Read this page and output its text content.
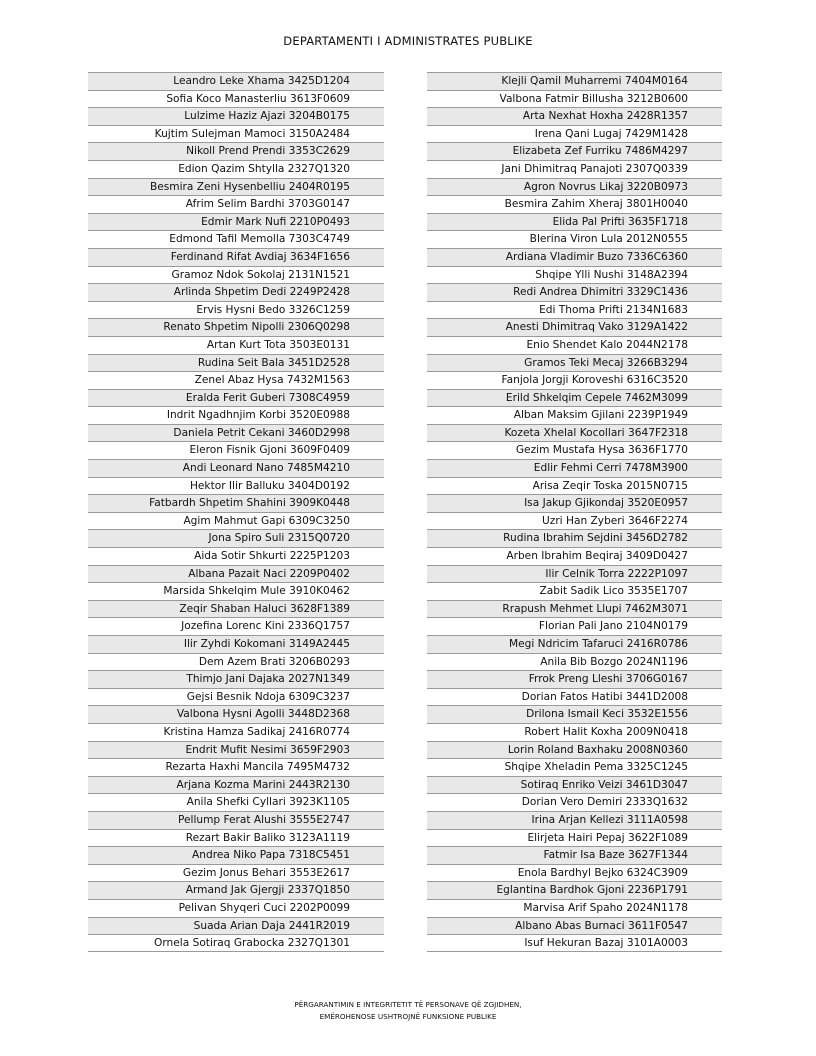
DEPARTAMENTI I ADMINISTRATES PUBLIKE
Leandro Leke Xhama 3425D1204
Sofia Koco Manasterliu 3613F0609
Lulzime Haziz Ajazi 3204B0175
Kujtim Sulejman Mamoci 3150A2484
Nikoll Prend Prendi 3353C2629
Edion Qazim Shtylla 2327Q1320
Besmira Zeni Hysenbelliu 2404R0195
Afrim Selim Bardhi 3703G0147
Edmir Mark Nufi 2210P0493
Edmond Tafil Memolla 7303C4749
Ferdinand Rifat Avdiaj 3634F1656
Gramoz Ndok Sokolaj 2131N1521
Arlinda Shpetim Dedi 2249P2428
Ervis Hysni Bedo 3326C1259
Renato Shpetim Nipolli 2306Q0298
Artan Kurt Tota 3503E0131
Rudina Seit Bala 3451D2528
Zenel Abaz Hysa 7432M1563
Eralda Ferit Guberi 7308C4959
Indrit Ngadhnjim Korbi 3520E0988
Daniela Petrit Cekani 3460D2998
Eleron Fisnik Gjoni 3609F0409
Andi Leonard Nano 7485M4210
Hektor Ilir Balluku 3404D0192
Fatbardh Shpetim Shahini 3909K0448
Agim Mahmut Gapi 6309C3250
Jona Spiro Suli 2315Q0720
Aida Sotir Shkurti 2225P1203
Albana Pazait Naci 2209P0402
Marsida Shkelqim Mule 3910K0462
Zeqir Shaban Haluci 3628F1389
Jozefina Lorenc Kini 2336Q1757
Ilir Zyhdi Kokomani 3149A2445
Dem Azem Brati 3206B0293
Thimjo Jani Dajaka 2027N1349
Gejsi Besnik Ndoja 6309C3237
Valbona Hysni Agolli 3448D2368
Kristina Hamza Sadikaj 2416R0774
Endrit Mufit Nesimi 3659F2903
Rezarta Haxhi Mancila 7495M4732
Arjana Kozma Marini 2443R2130
Anila Shefki Cyllari 3923K1105
Pellump Ferat Alushi 3555E2747
Rezart Bakir Baliko 3123A1119
Andrea Niko Papa 7318C5451
Gezim Jonus Behari 3553E2617
Armand Jak Gjergji 2337Q1850
Pelivan Shyqeri Cuci 2202P0099
Suada Arian Daja 2441R2019
Ornela Sotiraq Grabocka 2327Q1301
Klejli Qamil Muharremi 7404M0164
Valbona Fatmir Billusha 3212B0600
Arta Nexhat Hoxha 2428R1357
Irena Qani Lugaj 7429M1428
Elizabeta Zef Furriku 7486M4297
Jani Dhimitraq Panajoti 2307Q0339
Agron Novrus Likaj 3220B0973
Besmira Zahim Xheraj 3801H0040
Elida Pal Prifti 3635F1718
Blerina Viron Lula 2012N0555
Ardiana Vladimir Buzo 7336C6360
Shqipe Ylli Nushi 3148A2394
Redi Andrea Dhimitri 3329C1436
Edi Thoma Prifti 2134N1683
Anesti Dhimitraq Vako 3129A1422
Enio Shendet Kalo 2044N2178
Gramos Teki Mecaj 3266B3294
Fanjola Jorgji Koroveshi 6316C3520
Erild Shkelqim Cepele 7462M3099
Alban Maksim Gjilani 2239P1949
Kozeta Xhelal Kocollari 3647F2318
Gezim Mustafa Hysa 3636F1770
Edlir Fehmi Cerri 7478M3900
Arisa Zeqir Toska 2015N0715
Isa Jakup Gjikondaj 3520E0957
Uzri Han Zyberi 3646F2274
Rudina Ibrahim Sejdini 3456D2782
Arben Ibrahim Beqiraj 3409D0427
Ilir Celnik Torra 2222P1097
Zabit Sadik Lico 3535E1707
Rrapush Mehmet Llupi 7462M3071
Florian Pali Jano 2104N0179
Megi Ndricim Tafaruci 2416R0786
Anila Bib Bozgo 2024N1196
Frrok Preng Lleshi 3706G0167
Dorian Fatos Hatibi 3441D2008
Drilona Ismail Keci 3532E1556
Robert Halit Koxha 2009N0418
Lorin Roland Baxhaku 2008N0360
Shqipe Xheladin Pema 3325C1245
Sotiraq Enriko Veizi 3461D3047
Dorian Vero Demiri 2333Q1632
Irina Arjan Kellezi 3111A0598
Elirjeta Hairi Pepaj 3622F1089
Fatmir Isa Baze 3627F1344
Enola Bardhyl Bejko 6324C3909
Eglantina Bardhok Gjoni 2236P1791
Marvisa Arif Spaho 2024N1178
Albano Abas Burnaci 3611F0547
Isuf Hekuran Bazaj 3101A0003
PËRGARANTIMIN E INTEGRITETIT TË PERSONAVE QË ZGJIDHEN,
EMËROHENOSE USHTROJNË FUNKSIONE PUBLIKE
